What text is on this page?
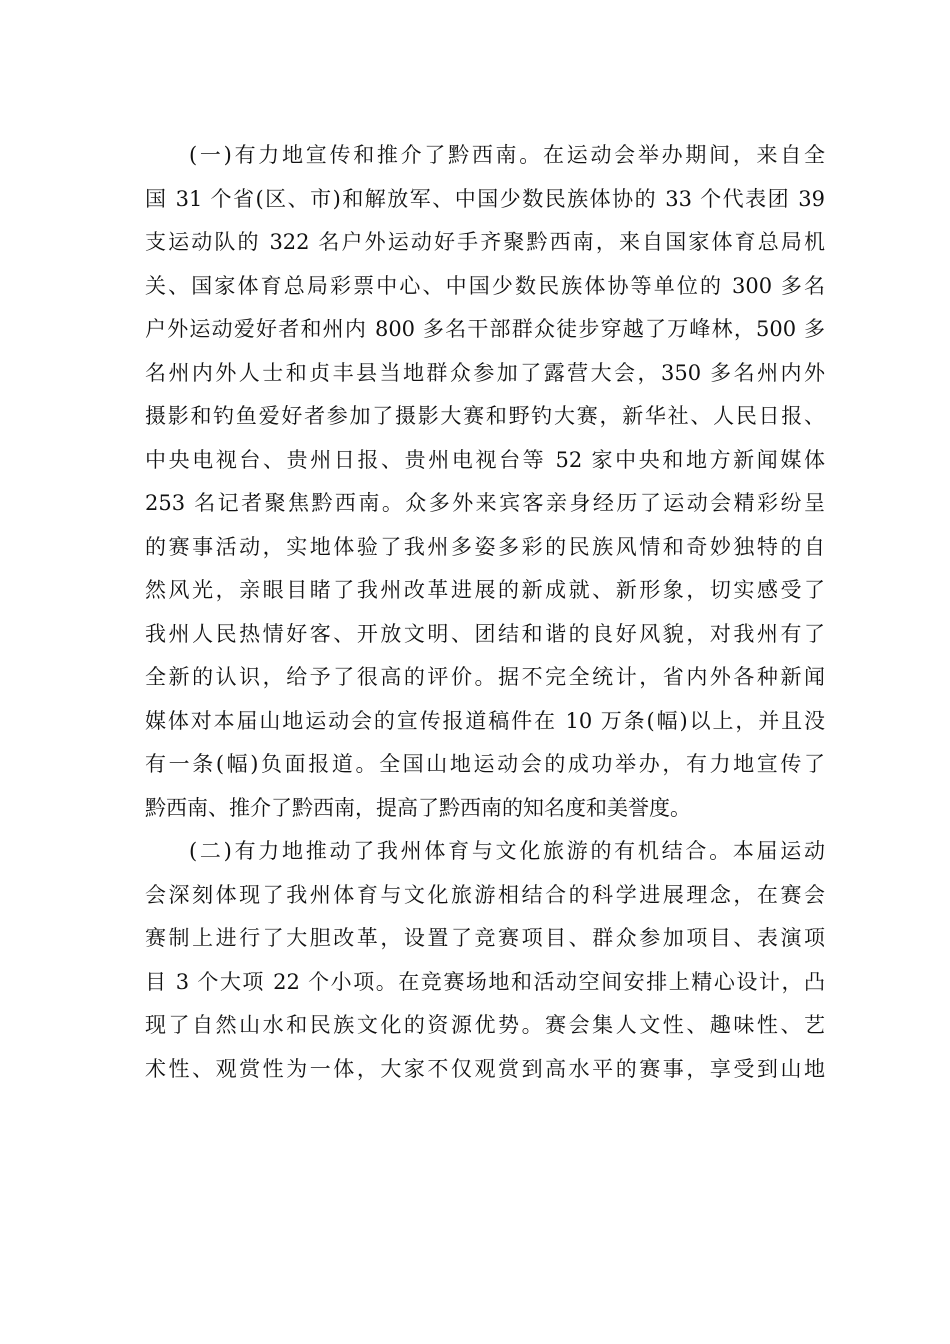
(一)有力地宣传和推介了黔西南。在运动会举办期间，来自全
国 31 个省(区、市)和解放军、中国少数民族体协的 33 个代表团 39
支运动队的 322 名户外运动好手齐聚黔西南，来自国家体育总局机
关、国家体育总局彩票中心、中国少数民族体协等单位的 300 多名
户外运动爱好者和州内 800 多名干部群众徒步穿越了万峰林，500 多
名州内外人士和贞丰县当地群众参加了露营大会，350 多名州内外
摄影和钓鱼爱好者参加了摄影大赛和野钓大赛，新华社、人民日报、
中央电视台、贵州日报、贵州电视台等 52 家中央和地方新闻媒体
253 名记者聚焦黔西南。众多外来宾客亲身经历了运动会精彩纷呈
的赛事活动，实地体验了我州多姿多彩的民族风情和奇妙独特的自
然风光，亲眼目睹了我州改革进展的新成就、新形象，切实感受了
我州人民热情好客、开放文明、团结和谐的良好风貌，对我州有了
全新的认识，给予了很高的评价。据不完全统计，省内外各种新闻
媒体对本届山地运动会的宣传报道稿件在 10 万条(幅)以上，并且没
有一条(幅)负面报道。全国山地运动会的成功举办，有力地宣传了
黔西南、推介了黔西南，提高了黔西南的知名度和美誉度。
(二)有力地推动了我州体育与文化旅游的有机结合。本届运动
会深刻体现了我州体育与文化旅游相结合的科学进展理念，在赛会
赛制上进行了大胆改革，设置了竞赛项目、群众参加项目、表演项
目 3 个大项 22 个小项。在竞赛场地和活动空间安排上精心设计，凸
现了自然山水和民族文化的资源优势。赛会集人文性、趣味性、艺
术性、观赏性为一体，大家不仅观赏到高水平的赛事，享受到山地
